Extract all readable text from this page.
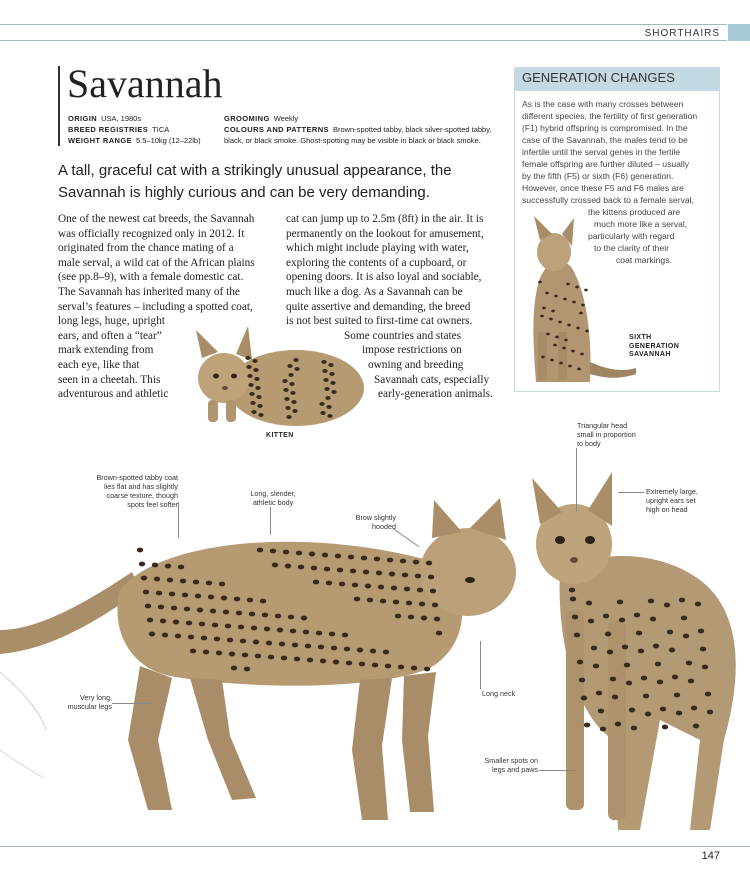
SHORTHAIRS
Savannah
ORIGIN USA, 1980s
BREED REGISTRIES TICA
WEIGHT RANGE 5.5–10kg (12–22lb)
GROOMING Weekly
COLOURS AND PATTERNS Brown-spotted tabby, black silver-spotted tabby, black, or black smoke. Ghost-spotting may be visible in black or black smoke.
A tall, graceful cat with a strikingly unusual appearance, the Savannah is highly curious and can be very demanding.
One of the newest cat breeds, the Savannah
was officially recognized only in 2012. It
originated from the chance mating of a
male serval, a wild cat of the African plains
(see pp.8–9), with a female domestic cat.
The Savannah has inherited many of the
serval’s features – including a spotted coat,
long legs, huge, upright
ears, and often a “tear”
mark extending from
each eye, like that
seen in a cheetah. This
adventurous and athletic
cat can jump up to 2.5m (8ft) in the air. It is
permanently on the lookout for amusement,
which might include playing with water,
exploring the contents of a cupboard, or
opening doors. It is also loyal and sociable,
much like a dog. As a Savannah can be
quite assertive and demanding, the breed
is not best suited to first-time cat owners.
Some countries and states
impose restrictions on
owning and breeding
Savannah cats, especially
early-generation animals.
KITTEN
GENERATION CHANGES
As is the case with many crosses between
different species, the fertility of first generation
(F1) hybrid offspring is compromised. In the
case of the Savannah, the males tend to be
infertile until the serval genes in the fertile
female offspring are further diluted – usually
by the fifth (F5) or sixth (F6) generation.
However, once these F5 and F6 males are
successfully crossed back to a female serval,
the kittens produced are
much more like a serval,
particularly with regard
to the clarity of their
coat markings.
SIXTH
GENERATION
SAVANNAH
Brown-spotted tabby coat
lies flat and has slightly
coarse texture, though
spots feel softer
Long, slender,
athletic body
Brow slightly
hooded
Triangular head
small in proportion
to body
Extremely large,
upright ears set
high on head
Very long,
muscular legs
Long neck
Smaller spots on
legs and paws
147
